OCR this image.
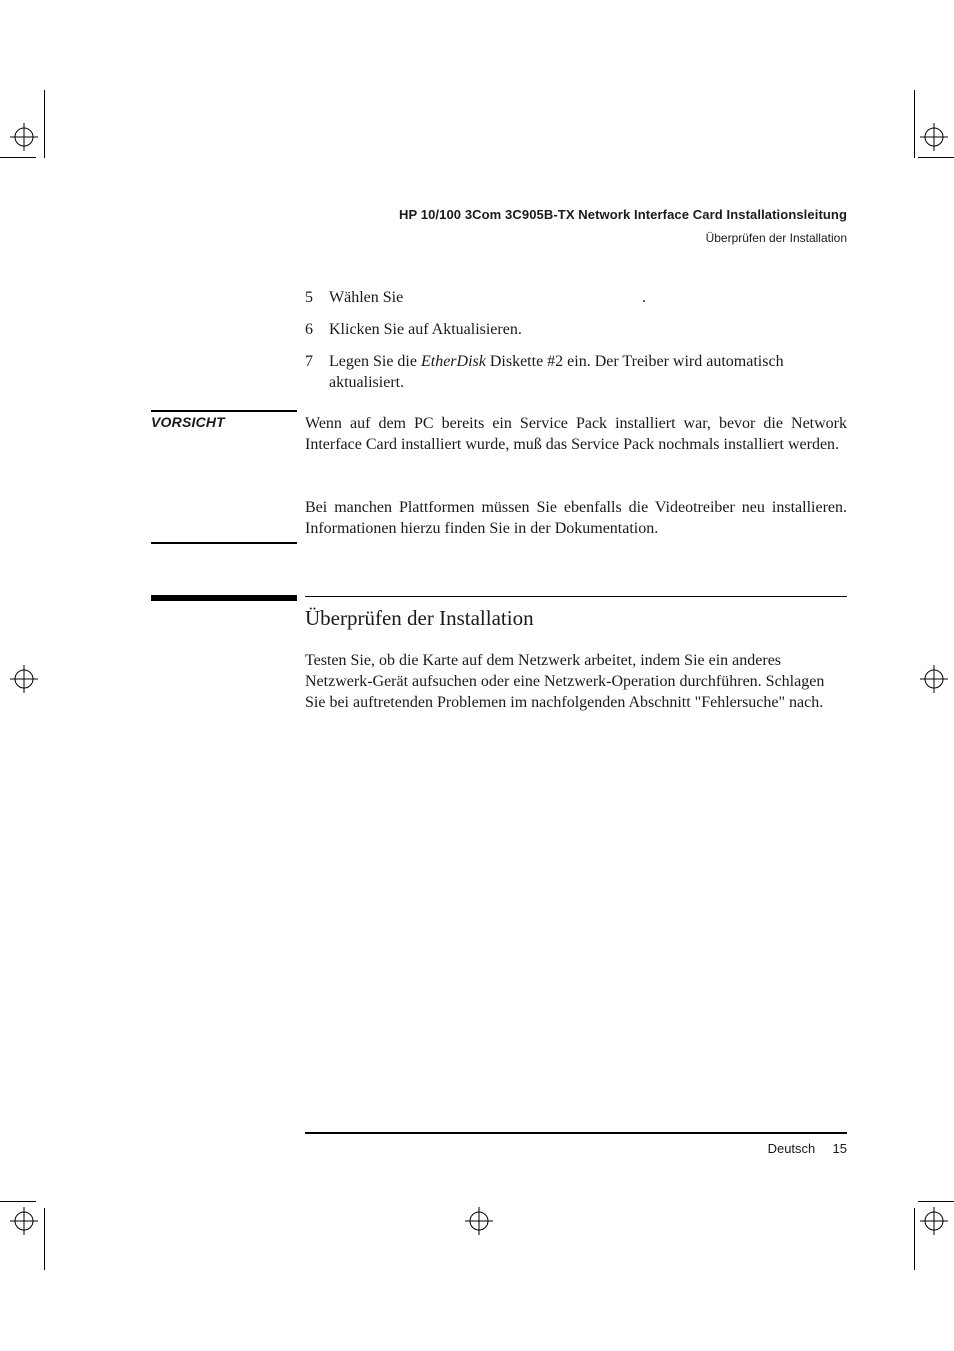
HP 10/100 3Com 3C905B-TX Network Interface Card Installationsleitung
Überprüfen der Installation
5 Wählen Sie	.
6 Klicken Sie auf Aktualisieren.
7 Legen Sie die EtherDisk Diskette #2 ein. Der Treiber wird automatisch aktualisiert.
VORSICHT	Wenn auf dem PC bereits ein Service Pack installiert war, bevor die Network Interface Card installiert wurde, muß das Service Pack nochmals installiert werden.
Bei manchen Plattformen müssen Sie ebenfalls die Videotreiber neu installieren. Informationen hierzu finden Sie in der Dokumentation.
Überprüfen der Installation
Testen Sie, ob die Karte auf dem Netzwerk arbeitet, indem Sie ein anderes Netzwerk-Gerät aufsuchen oder eine Netzwerk-Operation durchführen. Schlagen Sie bei auftretenden Problemen im nachfolgenden Abschnitt "Fehlersuche" nach.
Deutsch 15
